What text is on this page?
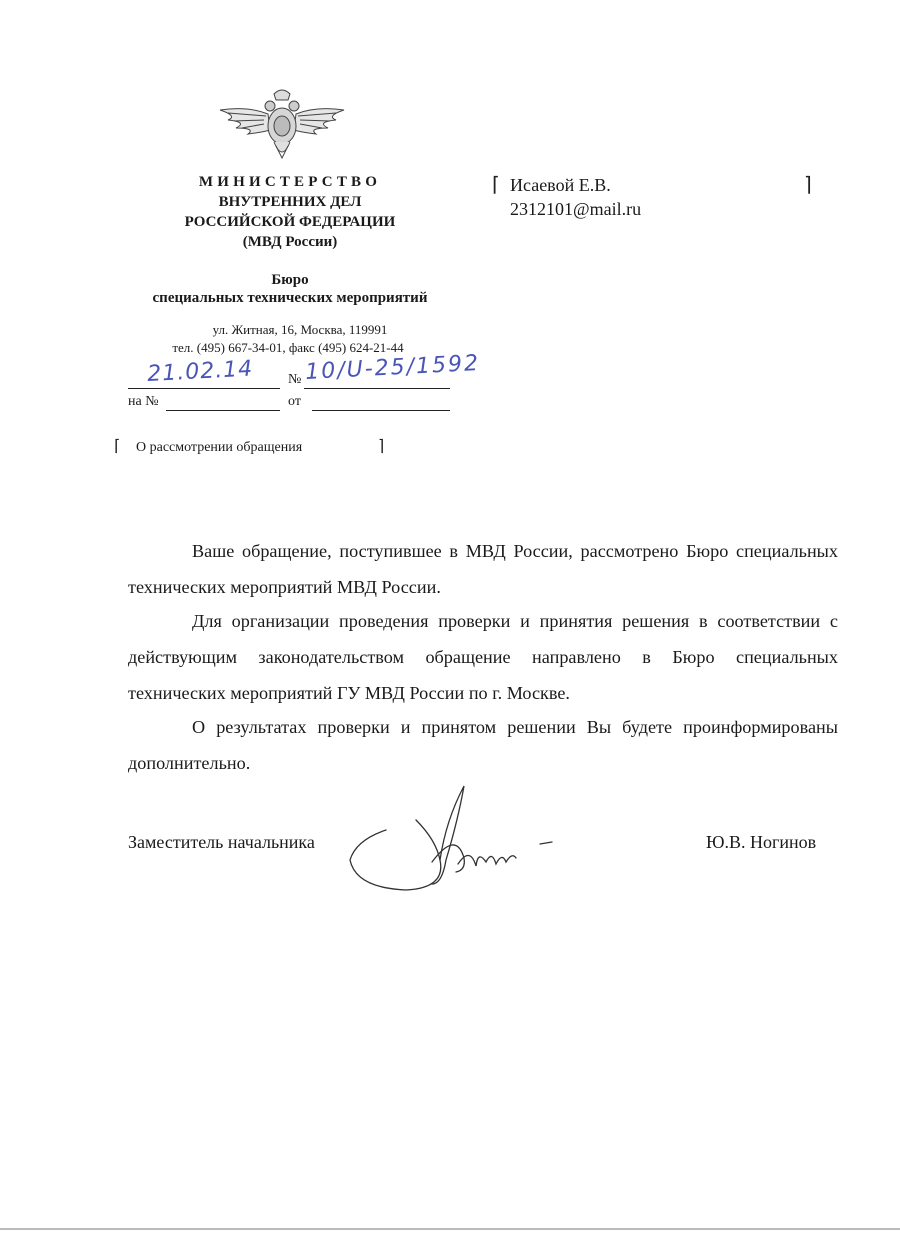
МИНИСТЕРСТВО
ВНУТРЕННИХ ДЕЛ
РОССИЙСКОЙ ФЕДЕРАЦИИ
(МВД России)
Бюро
специальных технических мероприятий
ул. Житная, 16, Москва, 119991
тел. (495) 667-34-01, факс (495) 624-21-44
21.02.14 № 10/U-25/1592
на №	от
⌈ О рассмотрении обращения	⌉
⌈ Исаевой Е.В.
2312101@mail.ru
⌉

Ваше обращение, поступившее в МВД России, рассмотрено Бюро специальных технических мероприятий МВД России.

Для организации проведения проверки и принятия решения в соответствии с действующим законодательством обращение направлено в Бюро специальных технических мероприятий ГУ МВД России по г. Москве.

О результатах проверки и принятом решении Вы будете проинформированы дополнительно.

Заместитель начальника	Ю.В. Ногинов
